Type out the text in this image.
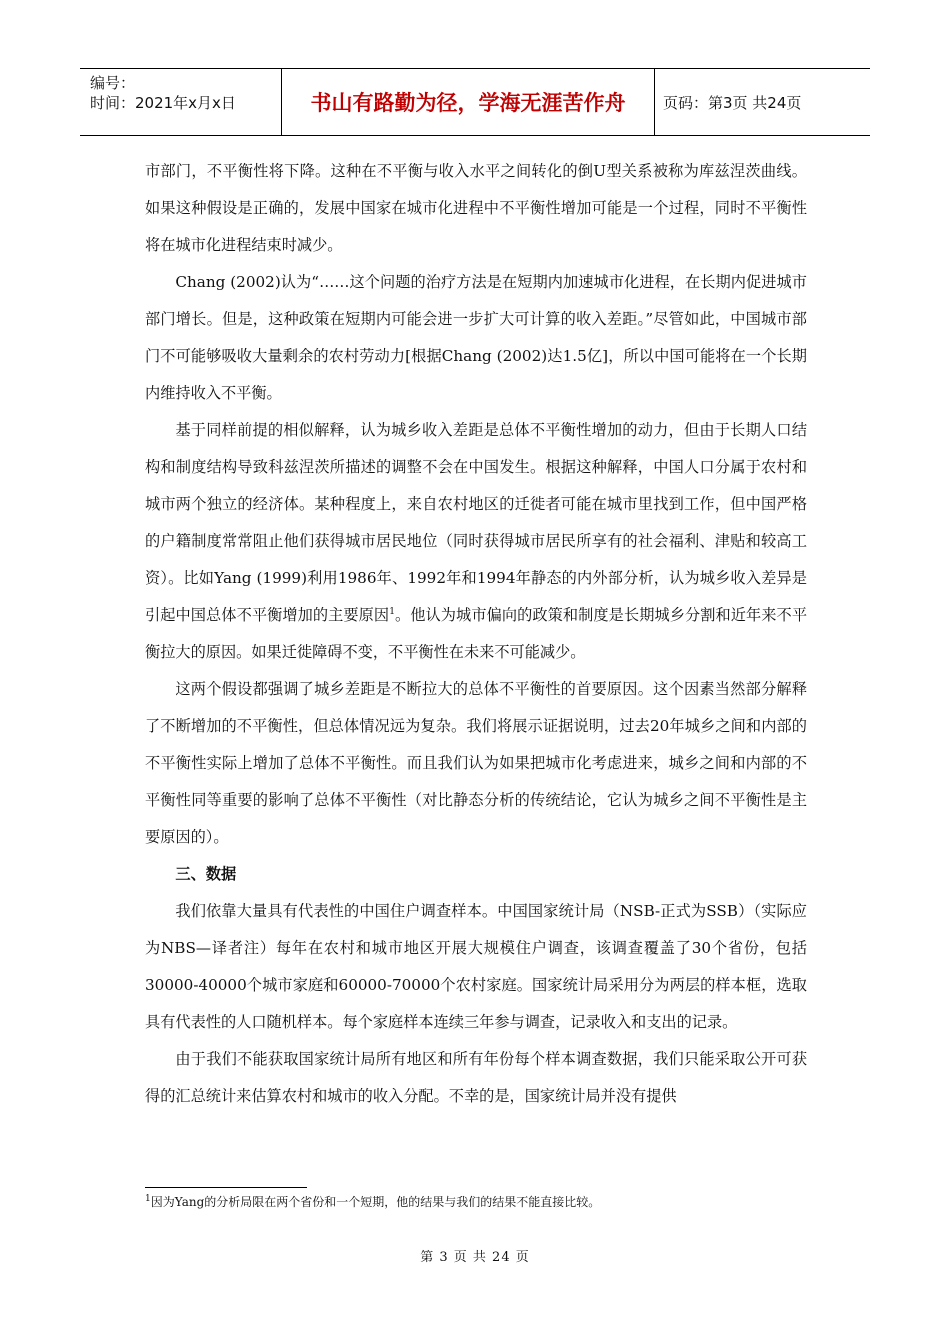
编号：
时间：2021年x月x日	书山有路勤为径，学海无涯苦作舟	页码：第3页 共24页

市部门，不平衡性将下降。这种在不平衡与收入水平之间转化的倒U型关系被称为库兹涅茨曲线。如果这种假设是正确的，发展中国家在城市化进程中不平衡性增加可能是一个过程，同时不平衡性将在城市化进程结束时减少。

Chang (2002)认为“……这个问题的治疗方法是在短期内加速城市化进程，在长期内促进城市部门增长。但是，这种政策在短期内可能会进一步扩大可计算的收入差距。”尽管如此，中国城市部门不可能够吸收大量剩余的农村劳动力[根据Chang (2002)达1.5亿]，所以中国可能将在一个长期内维持收入不平衡。

基于同样前提的相似解释，认为城乡收入差距是总体不平衡性增加的动力，但由于长期人口结构和制度结构导致科兹涅茨所描述的调整不会在中国发生。根据这种解释，中国人口分属于农村和城市两个独立的经济体。某种程度上，来自农村地区的迁徙者可能在城市里找到工作，但中国严格的户籍制度常常阻止他们获得城市居民地位（同时获得城市居民所享有的社会福利、津贴和较高工资）。比如Yang (1999)利用1986年、1992年和1994年静态的内外部分析，认为城乡收入差异是引起中国总体不平衡增加的主要原因$^1$。他认为城市偏向的政策和制度是长期城乡分割和近年来不平衡拉大的原因。如果迁徙障碍不变，不平衡性在未来不可能减少。

这两个假设都强调了城乡差距是不断拉大的总体不平衡性的首要原因。这个因素当然部分解释了不断增加的不平衡性，但总体情况远为复杂。我们将展示证据说明，过去20年城乡之间和内部的不平衡性实际上增加了总体不平衡性。而且我们认为如果把城市化考虑进来，城乡之间和内部的不平衡性同等重要的影响了总体不平衡性（对比静态分析的传统结论，它认为城乡之间不平衡性是主要原因的）。

三、数据

我们依靠大量具有代表性的中国住户调查样本。中国国家统计局（NSB-正式为SSB）（实际应为NBS—译者注）每年在农村和城市地区开展大规模住户调查，该调查覆盖了30个省份，包括30000-40000个城市家庭和60000-70000个农村家庭。国家统计局采用分为两层的样本框，选取具有代表性的人口随机样本。每个家庭样本连续三年参与调查，记录收入和支出的记录。

由于我们不能获取国家统计局所有地区和所有年份每个样本调查数据，我们只能采取公开可获得的汇总统计来估算农村和城市的收入分配。不幸的是，国家统计局并没有提供

$^1$因为Yang的分析局限在两个省份和一个短期，他的结果与我们的结果不能直接比较。
第 3 页 共 24 页
